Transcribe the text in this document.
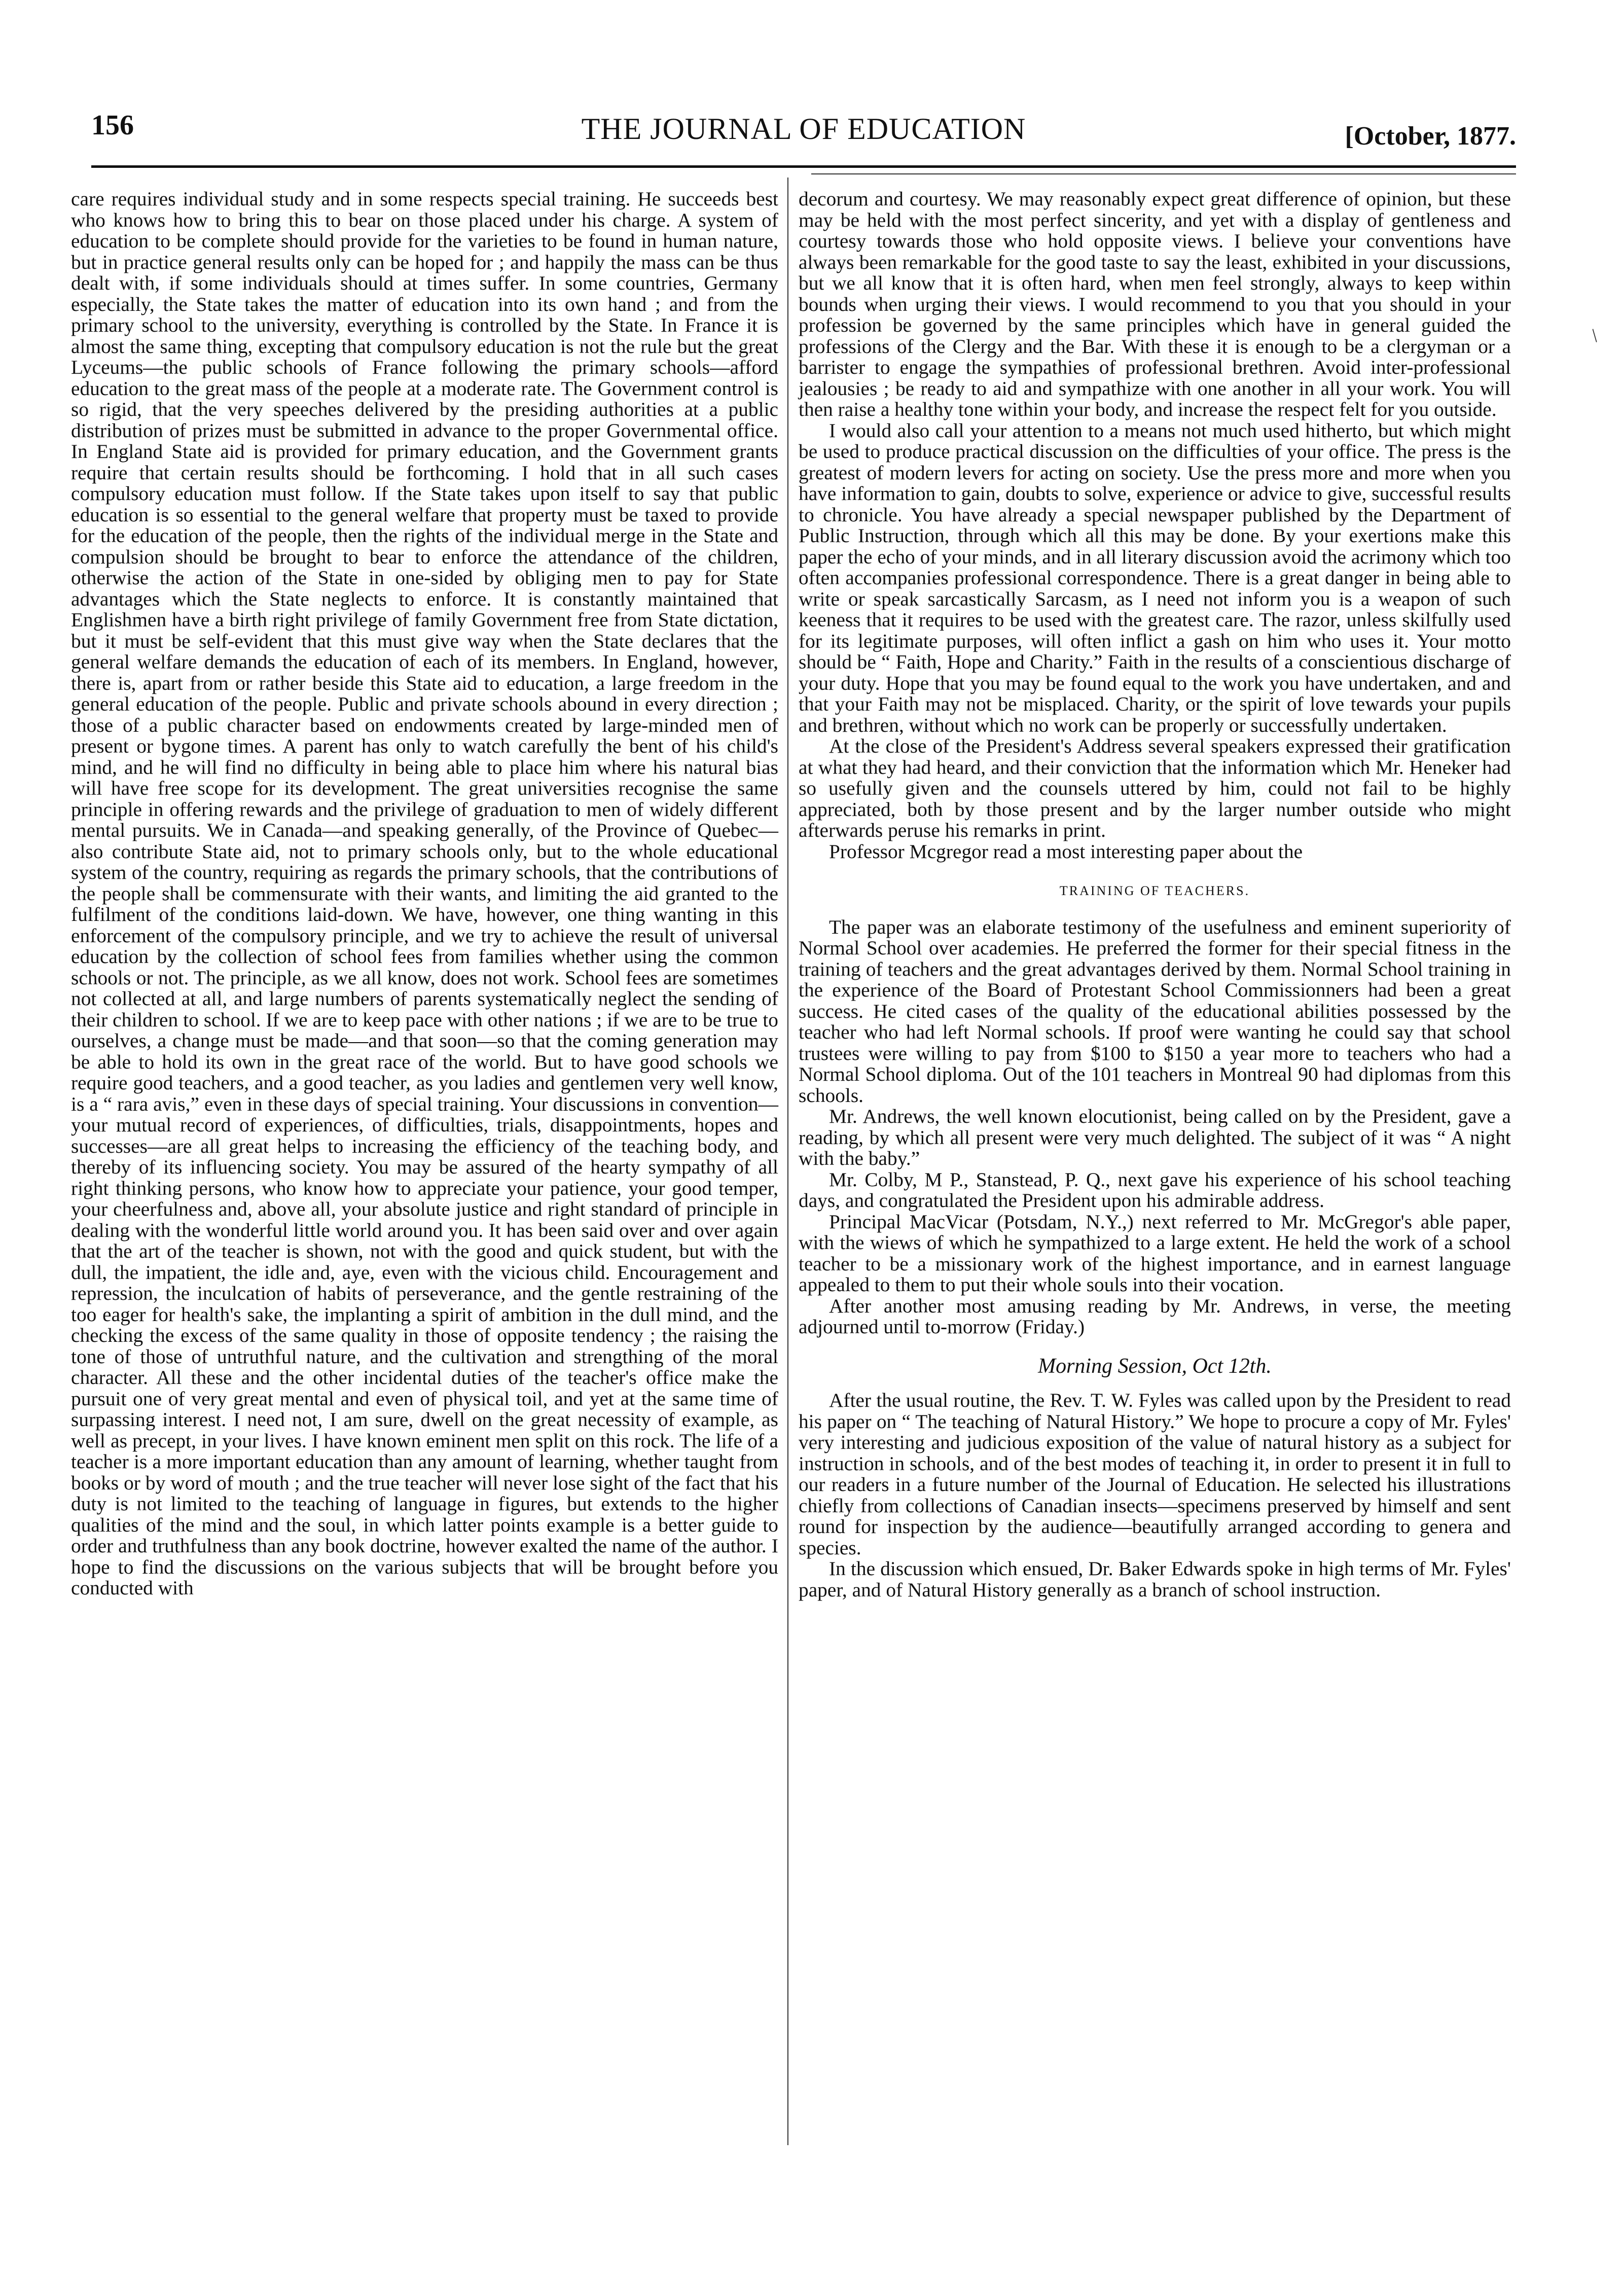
156	THE JOURNAL OF EDUCATION	[October, 1877.

care requires individual study and in some respects special training. He succeeds best who knows how to bring this to bear on those placed under his charge. A system of education to be complete should provide for the varieties to be found in human nature, but in practice general results only can be hoped for ; and happily the mass can be thus dealt with, if some individuals should at times suffer. In some countries, Germany especially, the State takes the matter of education into its own hand ; and from the primary school to the university, everything is controlled by the State. In France it is almost the same thing, excepting that compulsory education is not the rule but the great Lyceums—the public schools of France following the primary schools—afford education to the great mass of the people at a moderate rate. The Government control is so rigid, that the very speeches delivered by the presiding authorities at a public distribution of prizes must be submitted in advance to the proper Governmental office. In England State aid is provided for primary education, and the Government grants require that certain results should be forthcoming. I hold that in all such cases compulsory education must follow. If the State takes upon itself to say that public education is so essential to the general welfare that property must be taxed to provide for the education of the people, then the rights of the individual merge in the State and compulsion should be brought to bear to enforce the attendance of the children, otherwise the action of the State in one-sided by obliging men to pay for State advantages which the State neglects to enforce. It is constantly maintained that Englishmen have a birth right privilege of family Government free from State dictation, but it must be self-evident that this must give way when the State declares that the general welfare demands the education of each of its members. In England, however, there is, apart from or rather beside this State aid to education, a large freedom in the general education of the people. Public and private schools abound in every direction ; those of a public character based on endowments created by large-minded men of present or bygone times. A parent has only to watch carefully the bent of his child's mind, and he will find no difficulty in being able to place him where his natural bias will have free scope for its development. The great universities recognise the same principle in offering rewards and the privilege of graduation to men of widely different mental pursuits. We in Canada—and speaking generally, of the Province of Quebec—also contribute State aid, not to primary schools only, but to the whole educational system of the country, requiring as regards the primary schools, that the contributions of the people shall be commensurate with their wants, and limiting the aid granted to the fulfilment of the conditions laid-down. We have, however, one thing wanting in this enforcement of the compulsory principle, and we try to achieve the result of universal education by the collection of school fees from families whether using the common schools or not. The principle, as we all know, does not work. School fees are sometimes not collected at all, and large numbers of parents systematically neglect the sending of their children to school. If we are to keep pace with other nations ; if we are to be true to ourselves, a change must be made—and that soon—so that the coming generation may be able to hold its own in the great race of the world. But to have good schools we require good teachers, and a good teacher, as you ladies and gentlemen very well know, is a “ rara avis,” even in these days of special training. Your discussions in convention—your mutual record of experiences, of difficulties, trials, disappointments, hopes and successes—are all great helps to increasing the efficiency of the teaching body, and thereby of its influencing society. You may be assured of the hearty sympathy of all right thinking persons, who know how to appreciate your patience, your good temper, your cheerfulness and, above all, your absolute justice and right standard of principle in dealing with the wonderful little world around you. It has been said over and over again that the art of the teacher is shown, not with the good and quick student, but with the dull, the impatient, the idle and, aye, even with the vicious child. Encouragement and repression, the inculcation of habits of perseverance, and the gentle restraining of the too eager for health's sake, the implanting a spirit of ambition in the dull mind, and the checking the excess of the same quality in those of opposite tendency ; the raising the tone of those of untruthful nature, and the cultivation and strengthing of the moral character. All these and the other incidental duties of the teacher's office make the pursuit one of very great mental and even of physical toil, and yet at the same time of surpassing interest. I need not, I am sure, dwell on the great necessity of example, as well as precept, in your lives. I have known eminent men split on this rock. The life of a teacher is a more important education than any amount of learning, whether taught from books or by word of mouth ; and the true teacher will never lose sight of the fact that his duty is not limited to the teaching of language in figures, but extends to the higher qualities of the mind and the soul, in which latter points example is a better guide to order and truthfulness than any book doctrine, however exalted the name of the author. I hope to find the discussions on the various subjects that will be brought before you conducted with

decorum and courtesy. We may reasonably expect great difference of opinion, but these may be held with the most perfect sincerity, and yet with a display of gentleness and courtesy towards those who hold opposite views. I believe your conventions have always been remarkable for the good taste to say the least, exhibited in your discussions, but we all know that it is often hard, when men feel strongly, always to keep within bounds when urging their views. I would recommend to you that you should in your profession be governed by the same principles which have in general guided the professions of the Clergy and the Bar. With these it is enough to be a clergyman or a barrister to engage the sympathies of professional brethren. Avoid inter-professional jealousies ; be ready to aid and sympathize with one another in all your work. You will then raise a healthy tone within your body, and increase the respect felt for you outside.

I would also call your attention to a means not much used hitherto, but which might be used to produce practical discussion on the difficulties of your office. The press is the greatest of modern levers for acting on society. Use the press more and more when you have information to gain, doubts to solve, experience or advice to give, successful results to chronicle. You have already a special newspaper published by the Department of Public Instruction, through which all this may be done. By your exertions make this paper the echo of your minds, and in all literary discussion avoid the acrimony which too often accompanies professional correspondence. There is a great danger in being able to write or speak sarcastically Sarcasm, as I need not inform you is a weapon of such keeness that it requires to be used with the greatest care. The razor, unless skilfully used for its legitimate purposes, will often inflict a gash on him who uses it. Your motto should be “ Faith, Hope and Charity.” Faith in the results of a conscientious discharge of your duty. Hope that you may be found equal to the work you have undertaken, and and that your Faith may not be misplaced. Charity, or the spirit of love tewards your pupils and brethren, without which no work can be properly or successfully undertaken.

At the close of the President's Address several speakers expressed their gratification at what they had heard, and their conviction that the information which Mr. Heneker had so usefully given and the counsels uttered by him, could not fail to be highly appreciated, both by those present and by the larger number outside who might afterwards peruse his remarks in print.

Professor Mcgregor read a most interesting paper about the

TRAINING OF TEACHERS.

The paper was an elaborate testimony of the usefulness and eminent superiority of Normal School over academies. He preferred the former for their special fitness in the training of teachers and the great advantages derived by them. Normal School training in the experience of the Board of Protestant School Commissionners had been a great success. He cited cases of the quality of the educational abilities possessed by the teacher who had left Normal schools. If proof were wanting he could say that school trustees were willing to pay from $100 to $150 a year more to teachers who had a Normal School diploma. Out of the 101 teachers in Montreal 90 had diplomas from this schools.

Mr. Andrews, the well known elocutionist, being called on by the President, gave a reading, by which all present were very much delighted. The subject of it was “ A night with the baby.”

Mr. Colby, M P., Stanstead, P. Q., next gave his experience of his school teaching days, and congratulated the President upon his admirable address.

Principal MacVicar (Potsdam, N.Y.,) next referred to Mr. McGregor's able paper, with the wiews of which he sympathized to a large extent. He held the work of a school teacher to be a missionary work of the highest importance, and in earnest language appealed to them to put their whole souls into their vocation.

After another most amusing reading by Mr. Andrews, in verse, the meeting adjourned until to-morrow (Friday.)

Morning Session, Oct 12th.

After the usual routine, the Rev. T. W. Fyles was called upon by the President to read his paper on “ The teaching of Natural History.” We hope to procure a copy of Mr. Fyles' very interesting and judicious exposition of the value of natural history as a subject for instruction in schools, and of the best modes of teaching it, in order to present it in full to our readers in a future number of the Journal of Education. He selected his illustrations chiefly from collections of Canadian insects—specimens preserved by himself and sent round for inspection by the audience—beautifully arranged according to genera and species.

In the discussion which ensued, Dr. Baker Edwards spoke in high terms of Mr. Fyles' paper, and of Natural History generally as a branch of school instruction.

/
